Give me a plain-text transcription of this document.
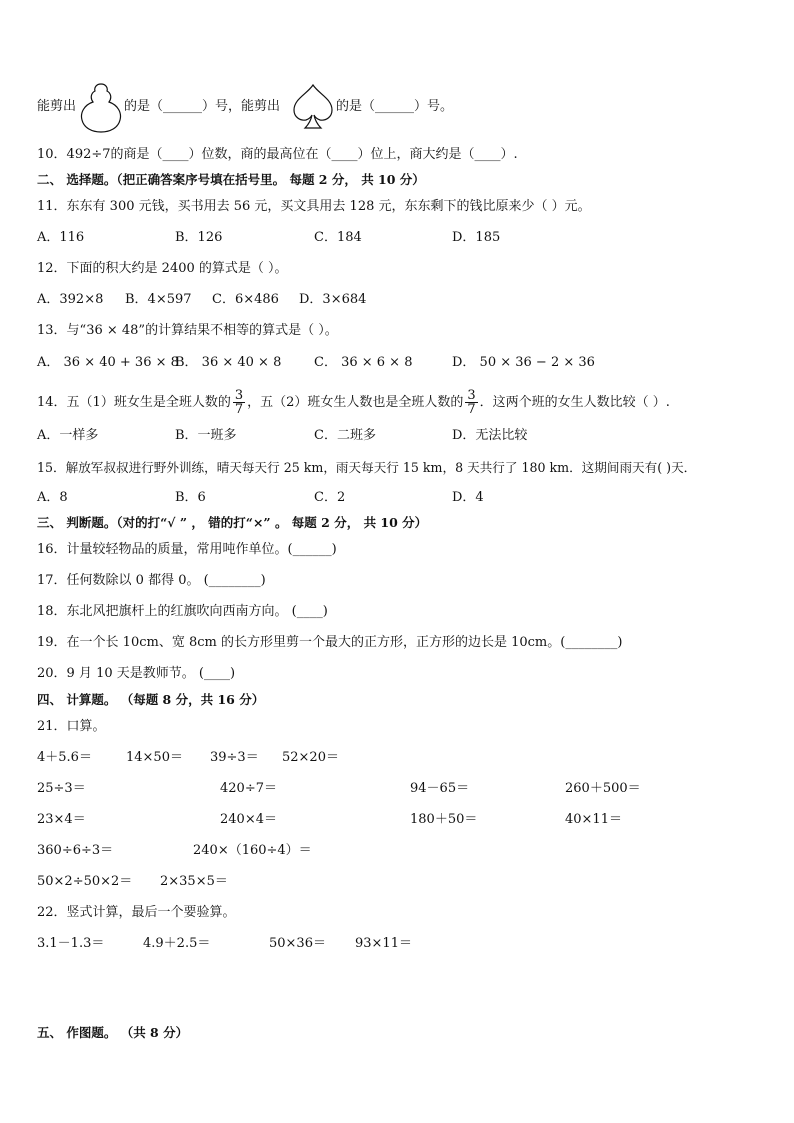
能剪出	的是（______）号，能剪出	的是（______）号。
10．492÷7的商是（____）位数，商的最高位在（____）位上，商大约是（____）.
二、 选择题。（把正确答案序号填在括号里。 每题 2 分， 共 10 分）
11．东东有 300 元钱，买书用去 56 元，买文具用去 128 元，东东剩下的钱比原来少（ ）元。
A．116	B．126	C．184	D．185
12．下面的积大约是 2400 的算式是（ ）。
A．392×8 B．4×597 C．6×486 D．3×684
13．与“36 × 48”的计算结果不相等的算式是（ ）。
A． 36 × 40 + 36 × 8
B． 36 × 40 × 8	C． 36 × 6 × 8	D． 50 × 36 − 2 × 36
14．五（1）班女生是全班人数的 $\frac{3}{7}$ ，五（2）班女生人数也是全班人数的 $\frac{3}{7}$ ．这两个班的女生人数比较（ ）.
A．一样多	B．一班多	C．二班多	D．无法比较
15．解放军叔叔进行野外训练，晴天每天行 25 km，雨天每天行 15 km，8 天共行了 180 km．这期间雨天有( )天．
A．8	B．6	C．2	D．4
三、 判断题。（对的打“√ ” ， 错的打“×” 。 每题 2 分， 共 10 分）
16．计量较轻物品的质量，常用吨作单位。(______)
17．任何数除以 0 都得 0。 (________)
18．东北风把旗杆上的红旗吹向西南方向。 (____)
19．在一个长 10cm、宽 8cm 的长方形里剪一个最大的正方形，正方形的边长是 10cm。(________)
20．9 月 10 天是教师节。 (____)
四、 计算题。 （每题 8 分，共 16 分）
21．口算。
4＋5.6＝	14×50＝ 39÷3＝ 52×20＝
25÷3＝	420÷7＝	94－65＝	260＋500＝
23×4＝	240×4＝	180＋50＝	40×11＝
360÷6÷3＝	240×（160÷4）＝
50×2÷50×2＝ 2×35×5＝
22．竖式计算，最后一个要验算。
3.1－1.3＝	4.9＋2.5＝	50×36＝ 93×11＝
五、 作图题。 （共 8 分）
